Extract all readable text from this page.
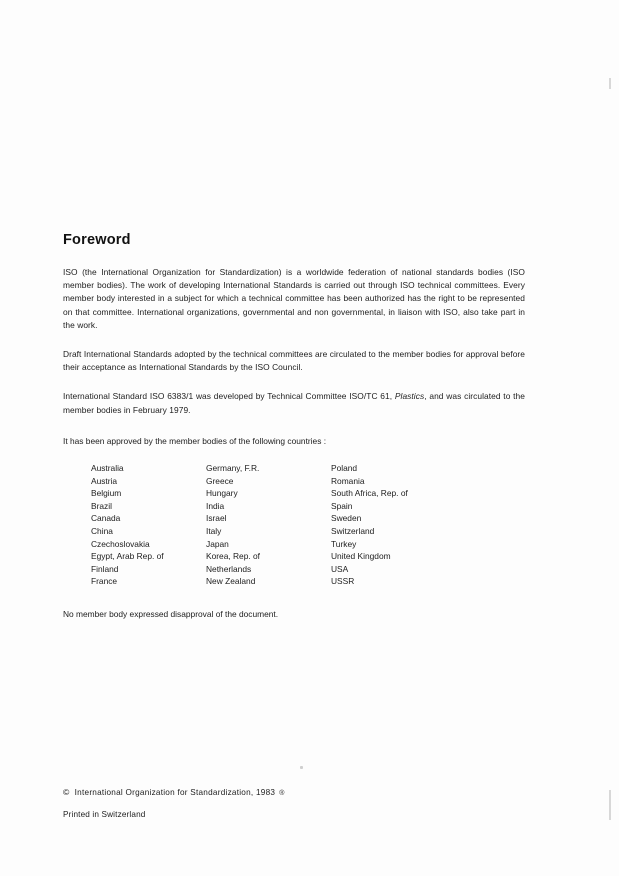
Foreword

ISO (the International Organization for Standardization) is a worldwide federation of national standards bodies (ISO member bodies). The work of developing International Standards is carried out through ISO technical committees. Every member body interested in a subject for which a technical committee has been authorized has the right to be represented on that committee. International organizations, governmental and non governmental, in liaison with ISO, also take part in the work.

Draft International Standards adopted by the technical committees are circulated to the member bodies for approval before their acceptance as International Standards by the ISO Council.

International Standard ISO 6383/1 was developed by Technical Committee ISO/TC 61, Plastics, and was circulated to the member bodies in February 1979.

It has been approved by the member bodies of the following countries :

Australia	Germany, F.R.	Poland
Austria	Greece	Romania
Belgium	Hungary	South Africa, Rep. of
Brazil	India	Spain
Canada	Israel	Sweden
China	Italy	Switzerland
Czechoslovakia	Japan	Turkey
Egypt, Arab Rep. of	Korea, Rep. of	United Kingdom
Finland	Netherlands	USA
France	New Zealand	USSR

No member body expressed disapproval of the document.

© International Organization for Standardization, 1983 ®

Printed in Switzerland
